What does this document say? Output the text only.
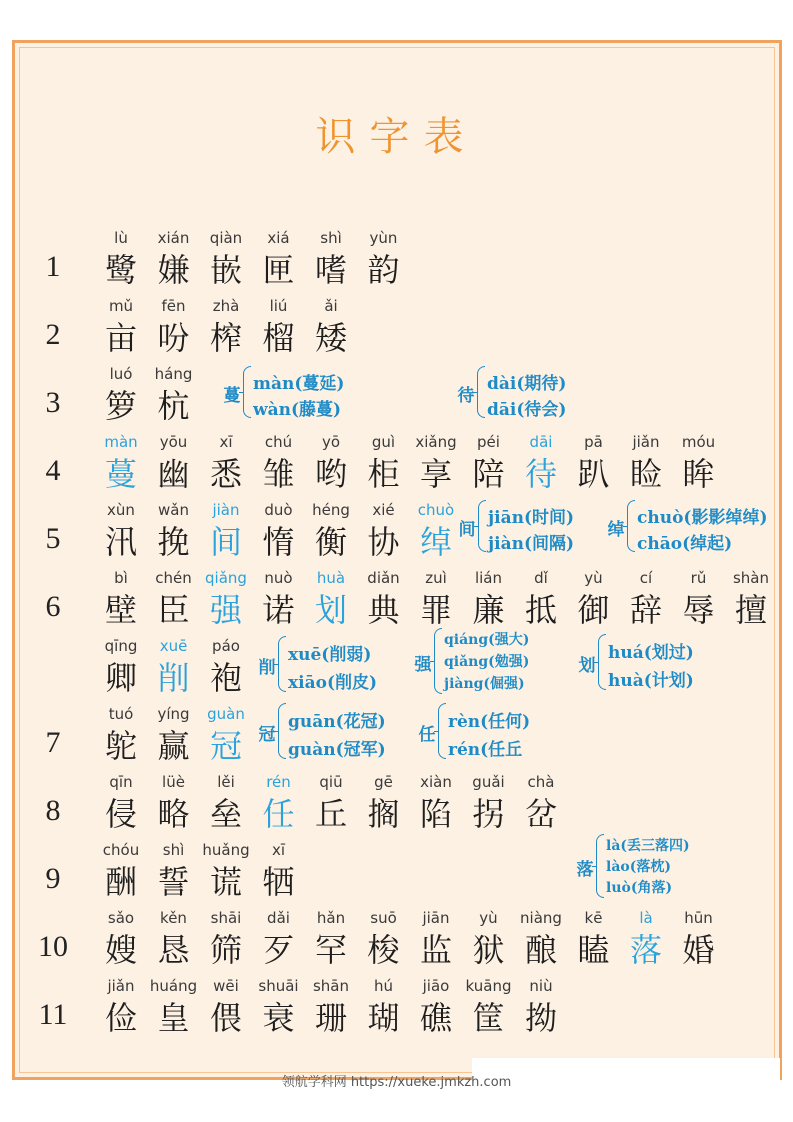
识字表
1
lù
鹭
xián
嫌
qiàn
嵌
xiá
匣
shì
嗜
yùn
韵
2
mǔ
亩
fēn
吩
zhà
榨
liú
榴
ǎi
矮
3
luó
箩
háng
杭	蔓
màn(蔓延)
wàn(藤蔓)
待
dài(期待)
dāi(待会)
4
màn
蔓
yōu
幽
xī
悉
chú
雏
yō
哟
guì
柜
xiǎng
享
péi
陪
dāi
待
pā
趴
jiǎn
睑
móu
眸
5
xùn
汛
wǎn
挽
jiàn
间
duò
惰
héng
衡
xié
协
chuò
绰 间
jiān(时间)
jiàn(间隔)
绰
chuò(影影绰绰)
chāo(绰起)
6
bì
壁
chén
臣
qiǎng
强
nuò
诺
huà
划
diǎn
典
zuì
罪
lián
廉
dǐ
抵
yù
御
cí
辞
rǔ
辱
shàn
擅
qīng
卿
xuē
削
páo
袍 削
xuē(削弱)
xiāo(削皮)
强
qiáng(强大)
qiǎng(勉强)
jiàng(倔强)
划
huá(划过)
huà(计划)
7
tuó
鸵
yíng
赢
guàn
冠 冠
guān(花冠)
guàn(冠军)
任
rèn(任何)
rén(任丘
8
qīn
侵
lüè
略
lěi
垒
rén
任
qiū
丘
gē
搁
xiàn
陷
guǎi
拐
chà
岔
9
chóu
酬
shì
誓
huǎng
谎
xī
牺	落
là(丢三落四)
lào(落枕)
luò(角落)
10
sǎo
嫂
kěn
恳
shāi
筛
dǎi
歹
hǎn
罕
suō
梭
jiān
监
yù
狱
niàng
酿
kē
瞌
là
落
hūn
婚
11
jiǎn
俭
huáng
皇
wēi
偎
shuāi
衰
shān
珊
hú
瑚
jiāo
礁
kuāng
筐
niù
拗
领航学科网 https://xueke.jmkzh.com
